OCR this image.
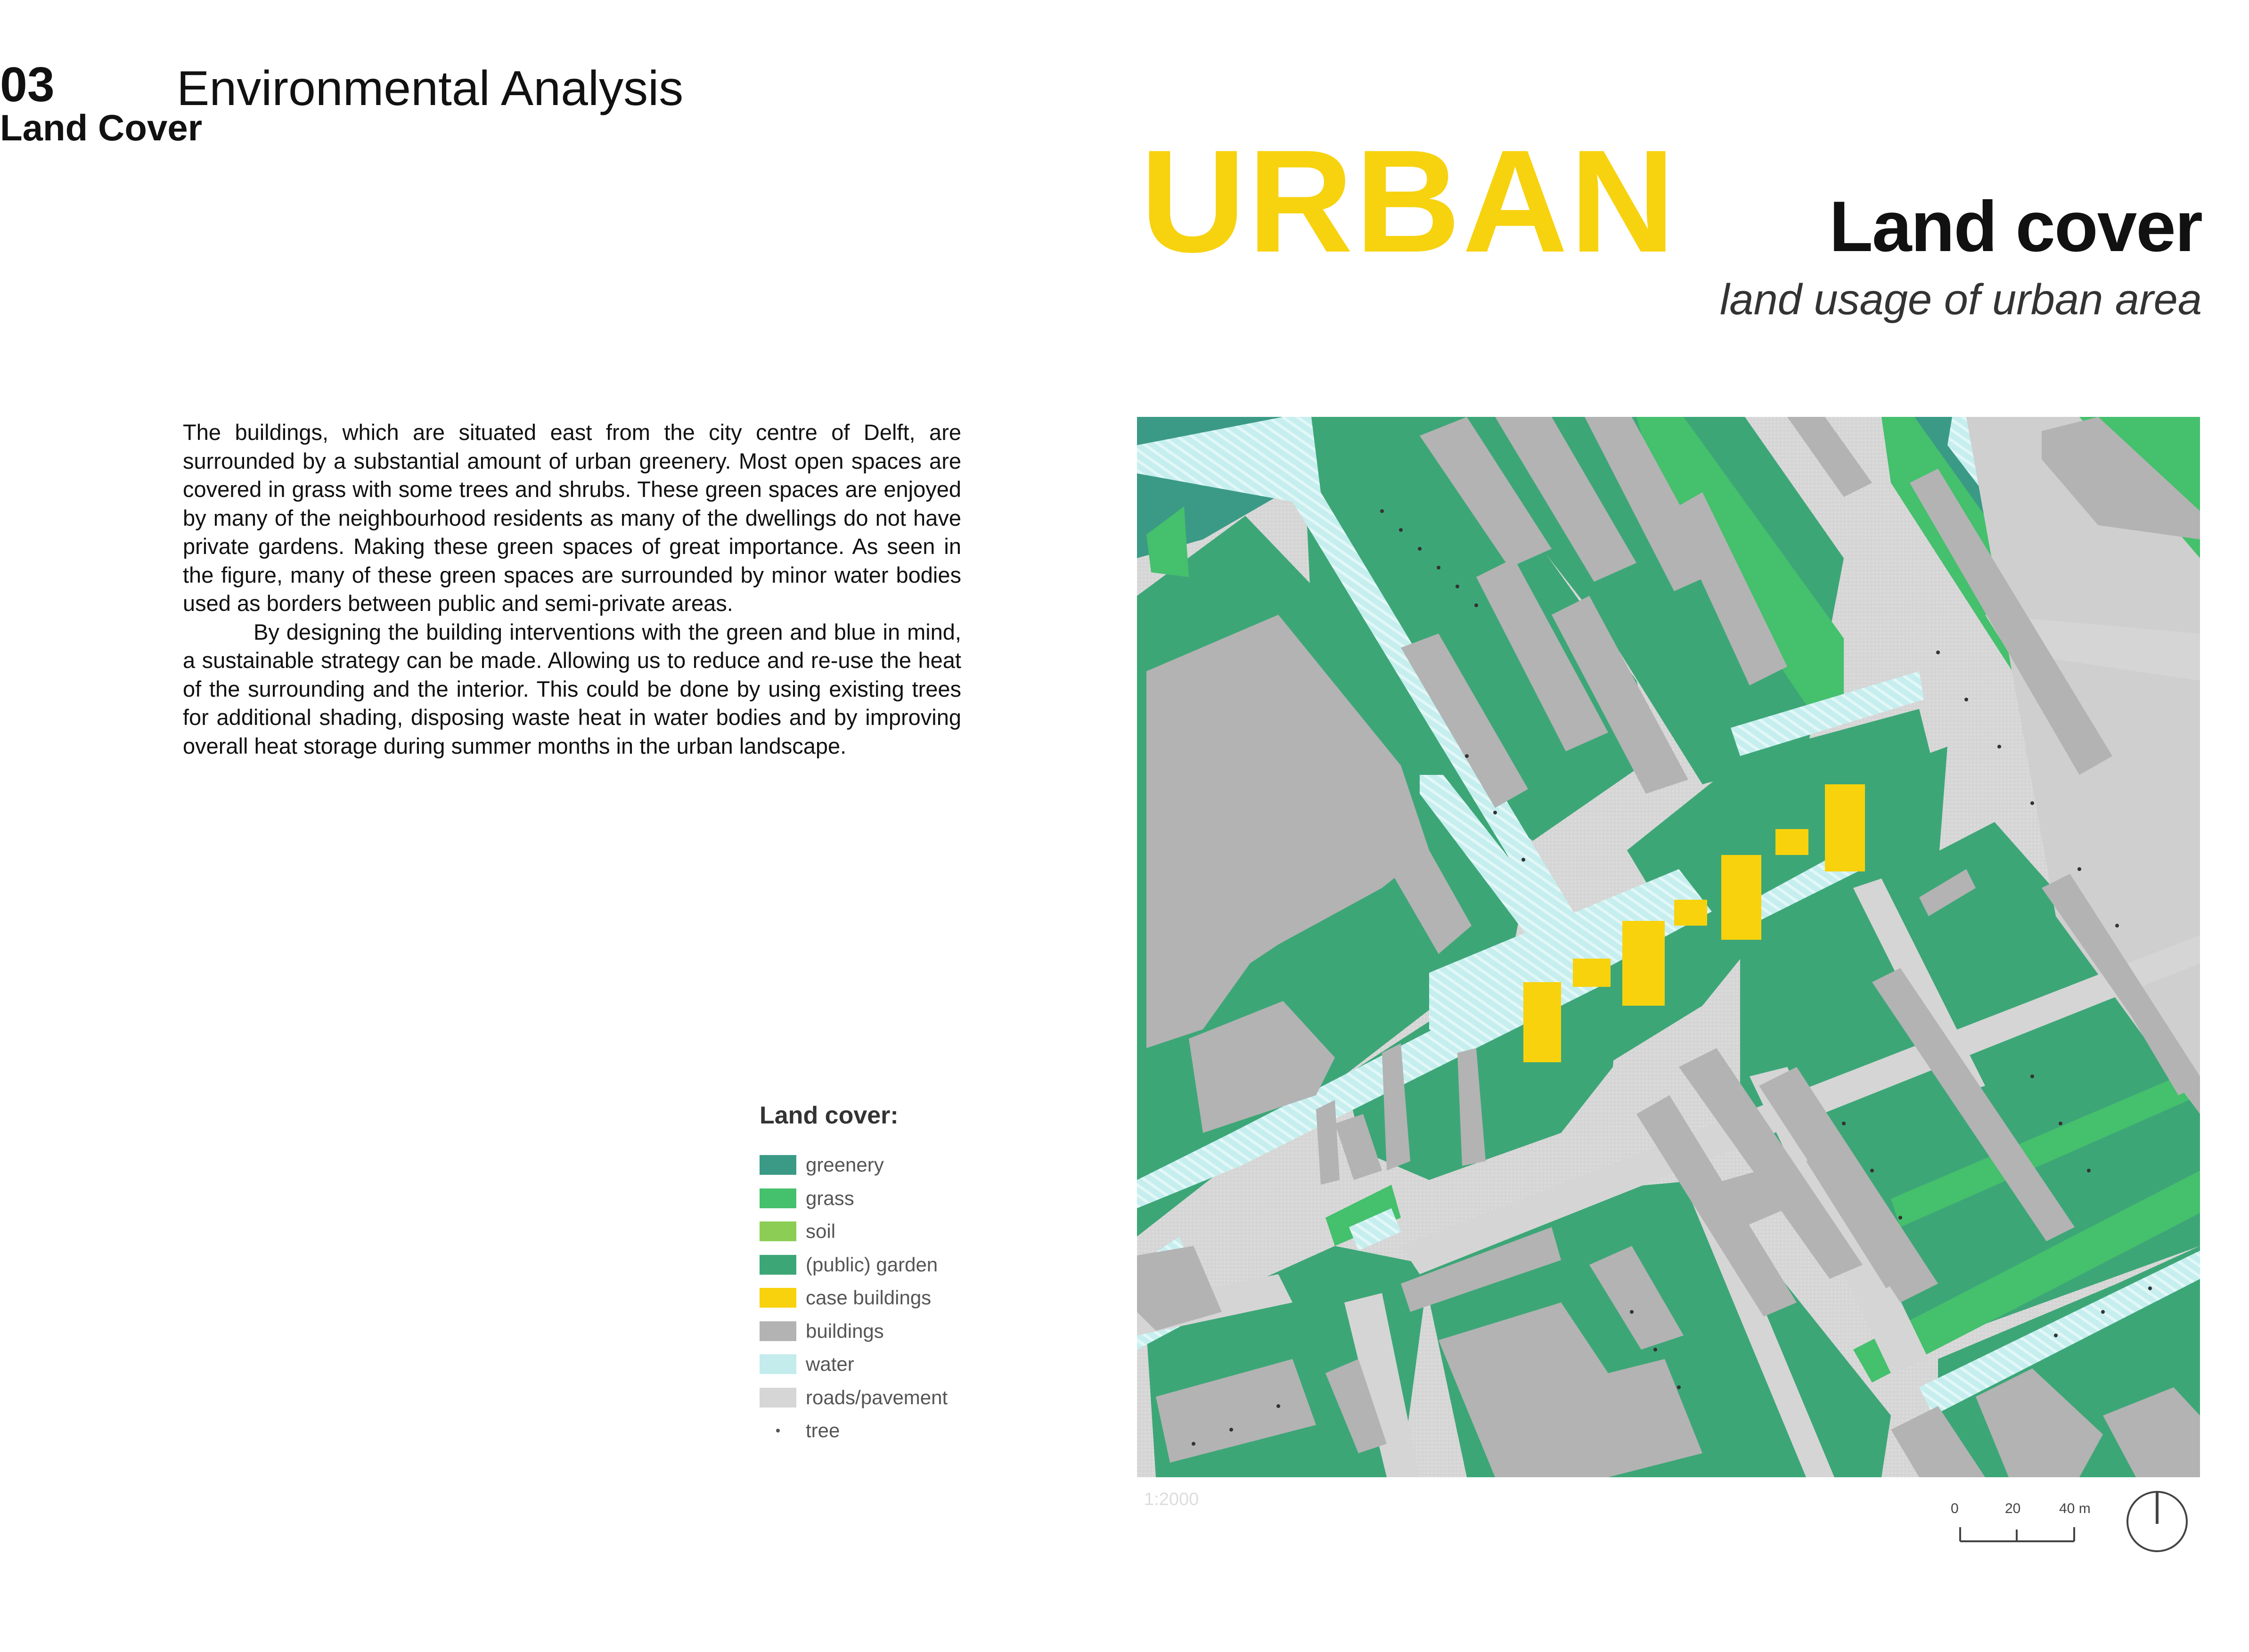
03 Environmental Analysis
Land Cover

The buildings, which are situated east from the city centre of Delft, are surrounded by a substantial amount of urban greenery. Most open spaces are covered in grass with some trees and shrubs. These green spaces are enjoyed by many of the neighbourhood residents as many of the dwellings do not have private gardens. Making these green spaces of great importance. As seen in the figure, many of these green spaces are surrounded by minor water bodies used as borders between public and semi-private areas.

By designing the building interventions with the green and blue in mind, a sustainable strategy can be made. Allowing us to reduce and re-use the heat of the surrounding and the interior. This could be done by using existing trees for additional shading, disposing waste heat in water bodies and by improving overall heat storage during summer months in the urban landscape.

URBAN Land cover
land usage of urban area
Land cover:
greenery
grass
soil
(public) garden
case buildings
buildings
water
roads/pavement
tree
1:2000	0	20	40 m
